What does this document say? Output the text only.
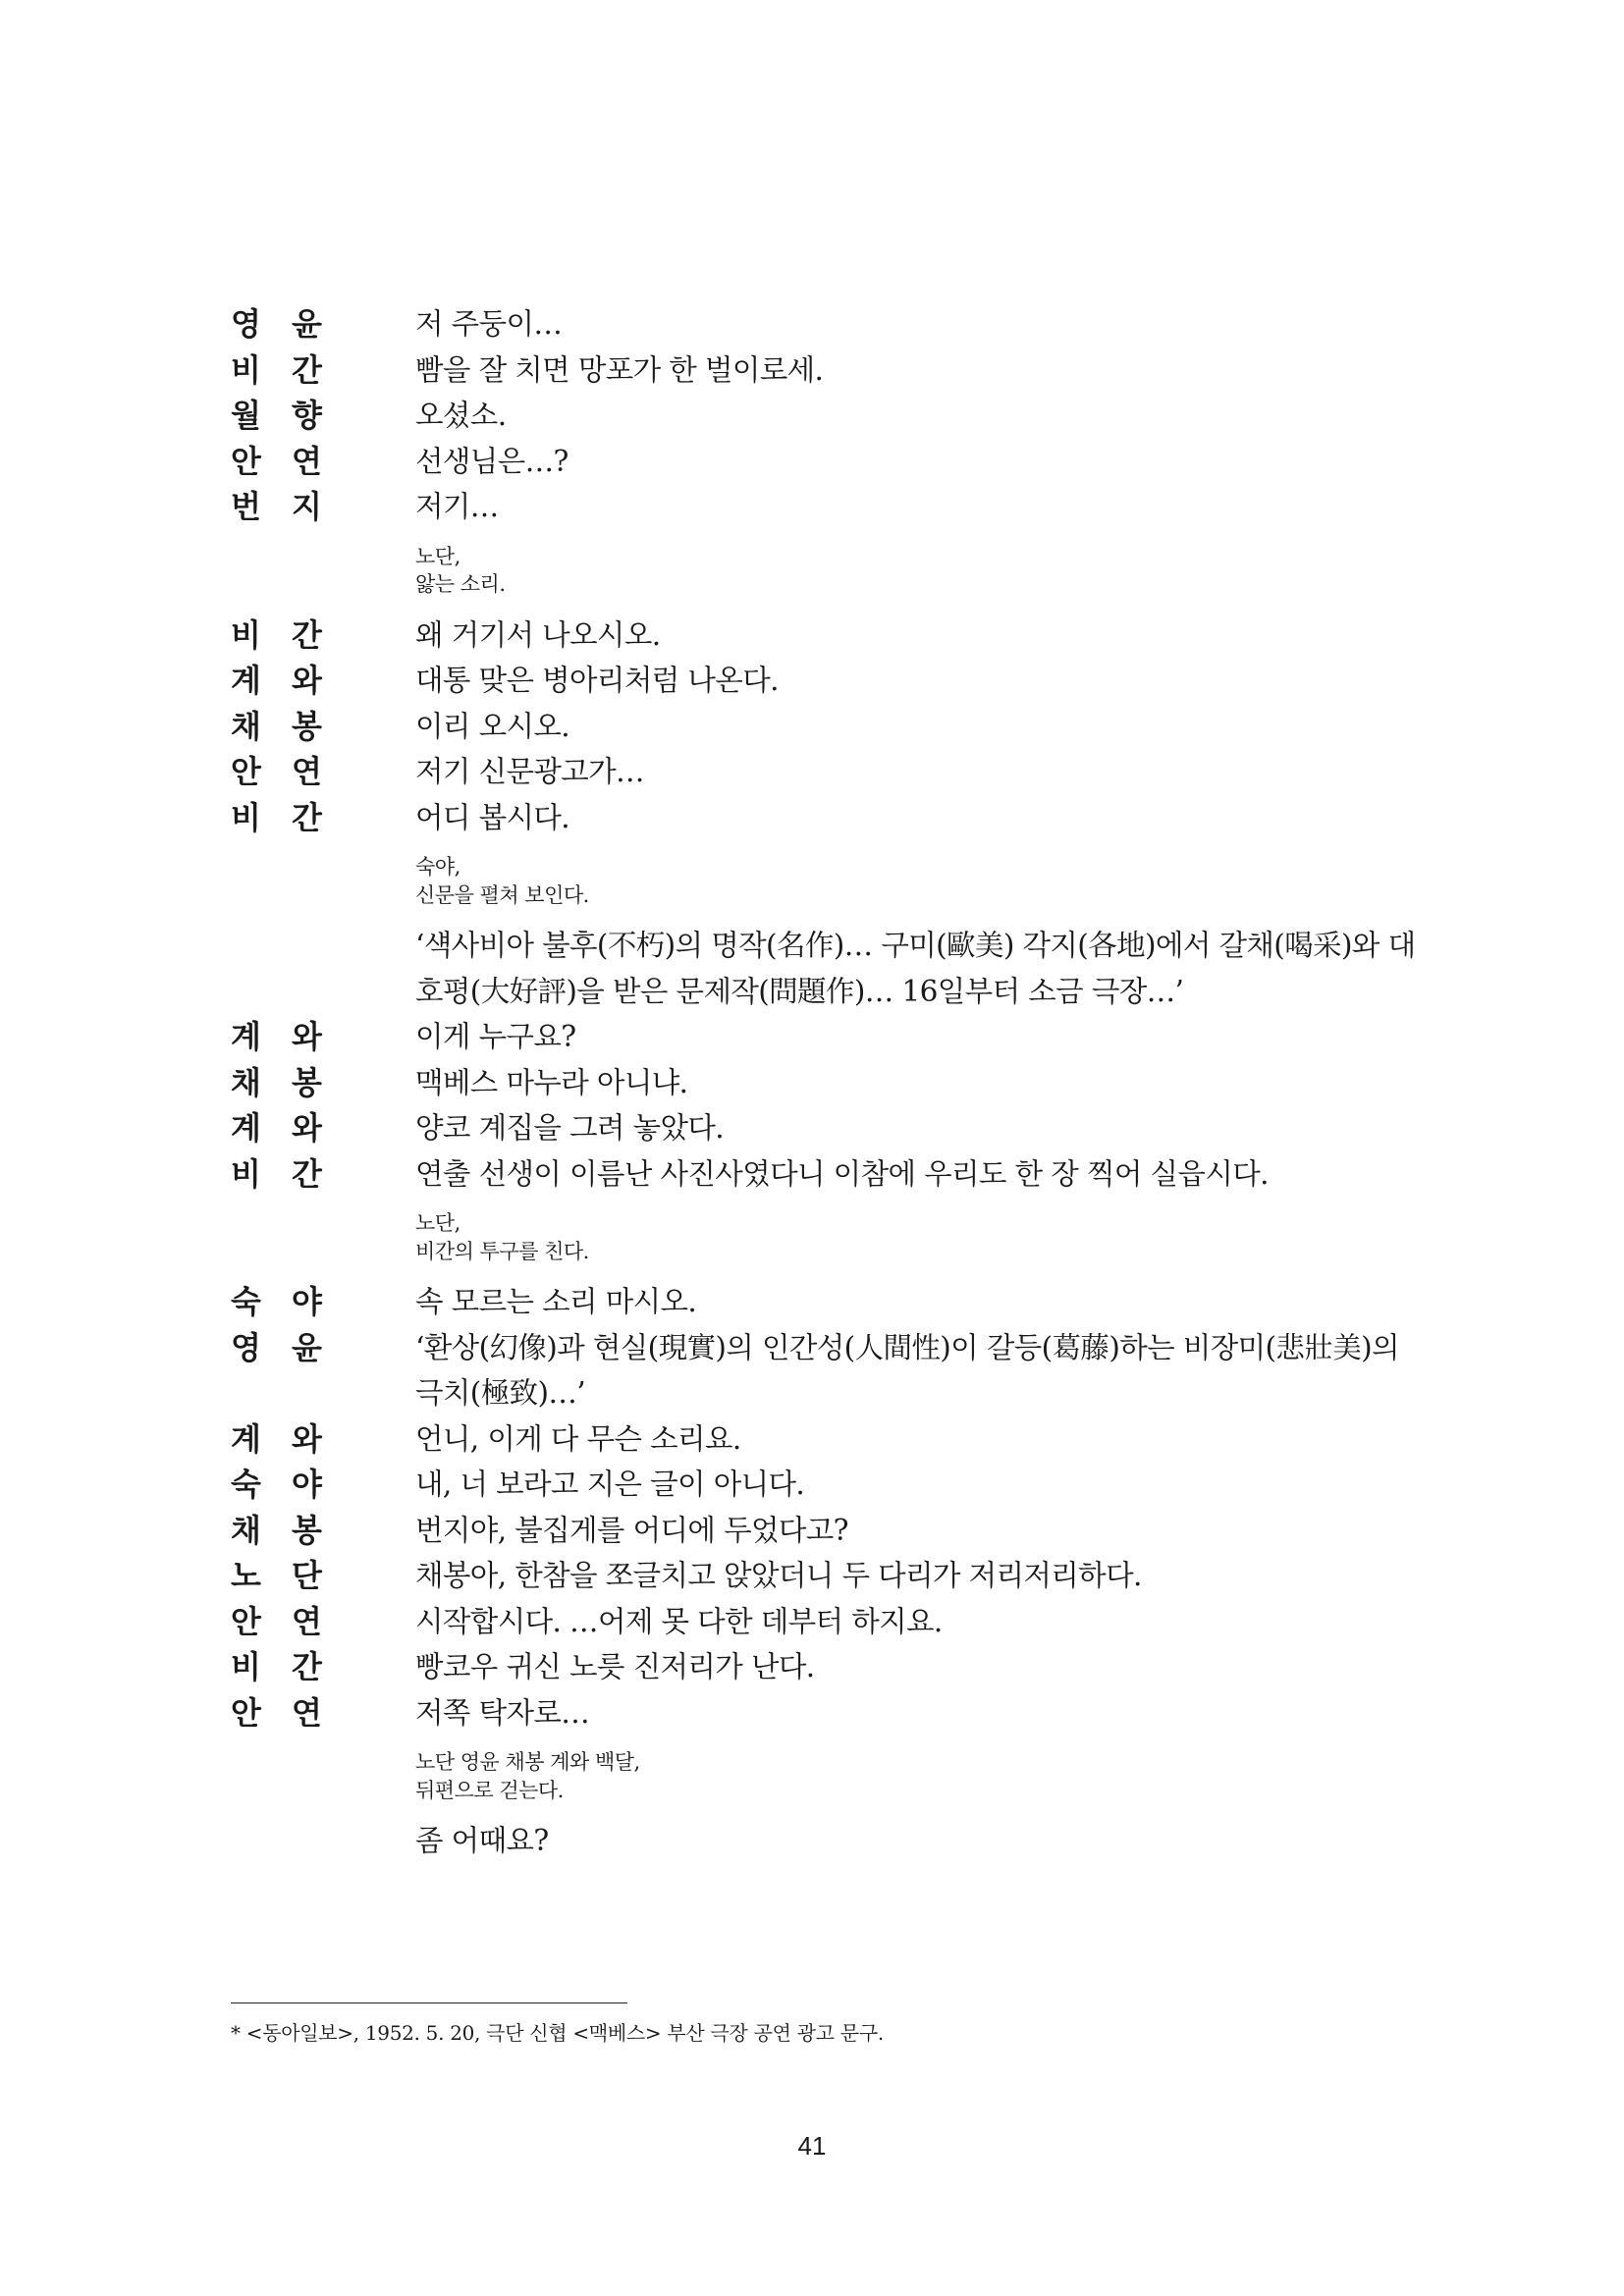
영 윤	저 주둥이…
비 간	빰을 잘 치면 망포가 한 벌이로세.
월 향	오셨소.
안 연	선생님은…?
번 지	저기…
노단,
앓는 소리.
비 간	왜 거기서 나오시오.
계 와	대통 맞은 병아리처럼 나온다.
채 봉	이리 오시오.
안 연	저기 신문광고가…
비 간	어디 봅시다.
숙야,
신문을 펼쳐 보인다.
‘섁사비아 불후(不朽)의 명작(名作)… 구미(歐美) 각지(各地)에서 갈채(喝采)와 대
호평(大好評)을 받은 문제작(問題作)… 16일부터 소금 극장…’
계 와	이게 누구요?
채 봉	맥베스 마누라 아니냐.
계 와	양코 계집을 그려 놓았다.
비 간	연출 선생이 이름난 사진사였다니 이참에 우리도 한 장 찍어 실읍시다.
노단,
비간의 투구를 친다.
숙 야	속 모르는 소리 마시오.
영 윤	‘환상(幻像)과 현실(現實)의 인간성(人間性)이 갈등(葛藤)하는 비장미(悲壯美)의
극치(極致)…’
계 와	언니, 이게 다 무슨 소리요.
숙 야	내, 너 보라고 지은 글이 아니다.
채 봉	번지야, 불집게를 어디에 두었다고?
노 단	채봉아, 한참을 쪼글치고 앉았더니 두 다리가 저리저리하다.
안 연	시작합시다. …어제 못 다한 데부터 하지요.
비 간	빵코우 귀신 노릇 진저리가 난다.
안 연	저쪽 탁자로…
노단 영윤 채봉 계와 백달,
뒤편으로 걷는다.
좀 어때요?
* <동아일보>, 1952. 5. 20, 극단 신협 <맥베스> 부산 극장 공연 광고 문구.
41
